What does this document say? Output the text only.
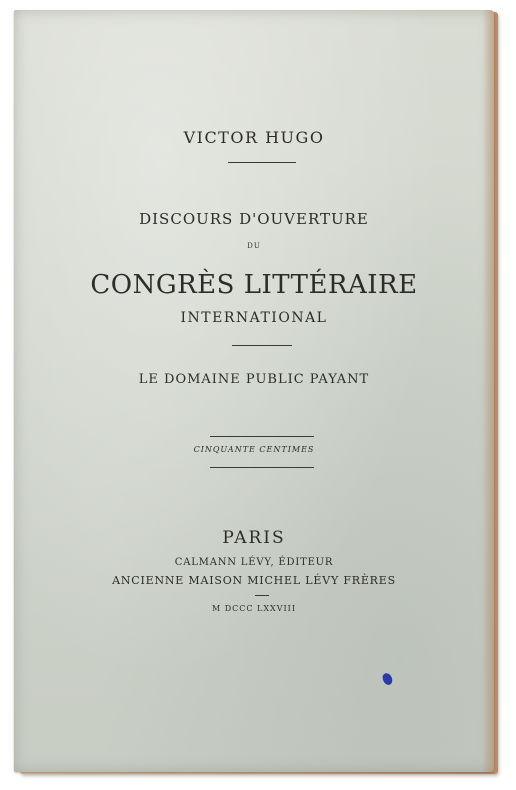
VICTOR HUGO
DISCOURS D'OUVERTURE
DU
CONGRÈS LITTÉRAIRE
INTERNATIONAL
LE DOMAINE PUBLIC PAYANT
CINQUANTE CENTIMES
PARIS
CALMANN LÉVY, ÉDITEUR
ANCIENNE MAISON MICHEL LÉVY FRÈRES
M DCCC LXXVIII
